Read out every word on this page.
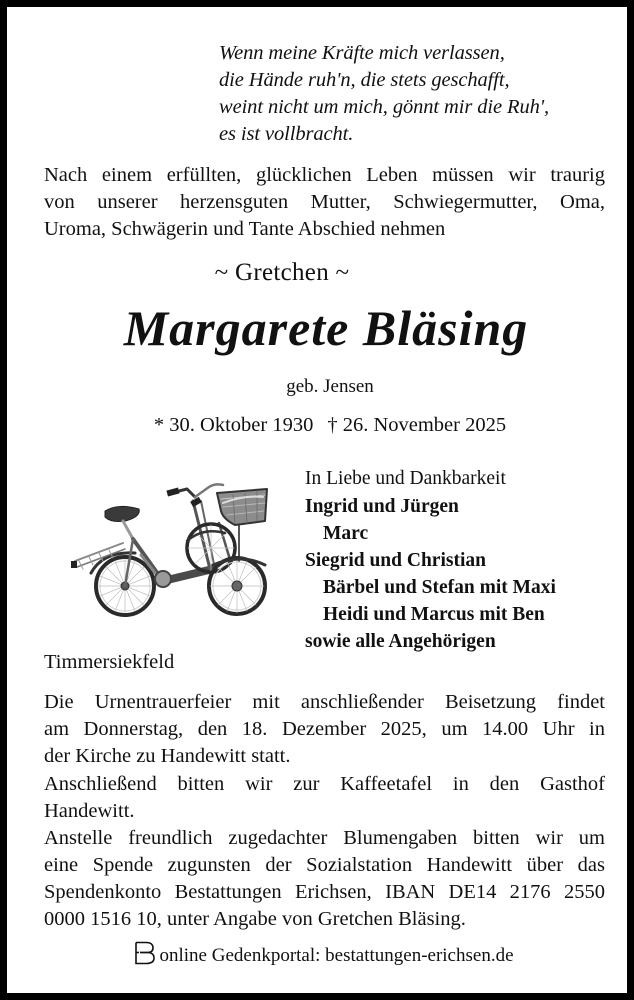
Wenn meine Kräfte mich verlassen,
die Hände ruh'n, die stets geschafft,
weint nicht um mich, gönnt mir die Ruh',
es ist vollbracht.
Nach einem erfüllten, glücklichen Leben müssen wir traurig
von unserer herzensguten Mutter, Schwiegermutter, Oma,
Uroma, Schwägerin und Tante Abschied nehmen
~ Gretchen ~
Margarete Bläsing
geb. Jensen
* 30. Oktober 1930 † 26. November 2025
In Liebe und Dankbarkeit
Ingrid und Jürgen
Marc
Siegrid und Christian
Bärbel und Stefan mit Maxi
Heidi und Marcus mit Ben
sowie alle Angehörigen
Timmersiekfeld
Die Urnentrauerfeier mit anschließender Beisetzung findet
am Donnerstag, den 18. Dezember 2025, um 14.00 Uhr in
der Kirche zu Handewitt statt.
Anschließend bitten wir zur Kaffeetafel in den Gasthof
Handewitt.
Anstelle freundlich zugedachter Blumengaben bitten wir um
eine Spende zugunsten der Sozialstation Handewitt über das
Spendenkonto Bestattungen Erichsen, IBAN DE14 2176 2550
0000 1516 10, unter Angabe von Gretchen Bläsing.
online Gedenkportal: bestattungen-erichsen.de
